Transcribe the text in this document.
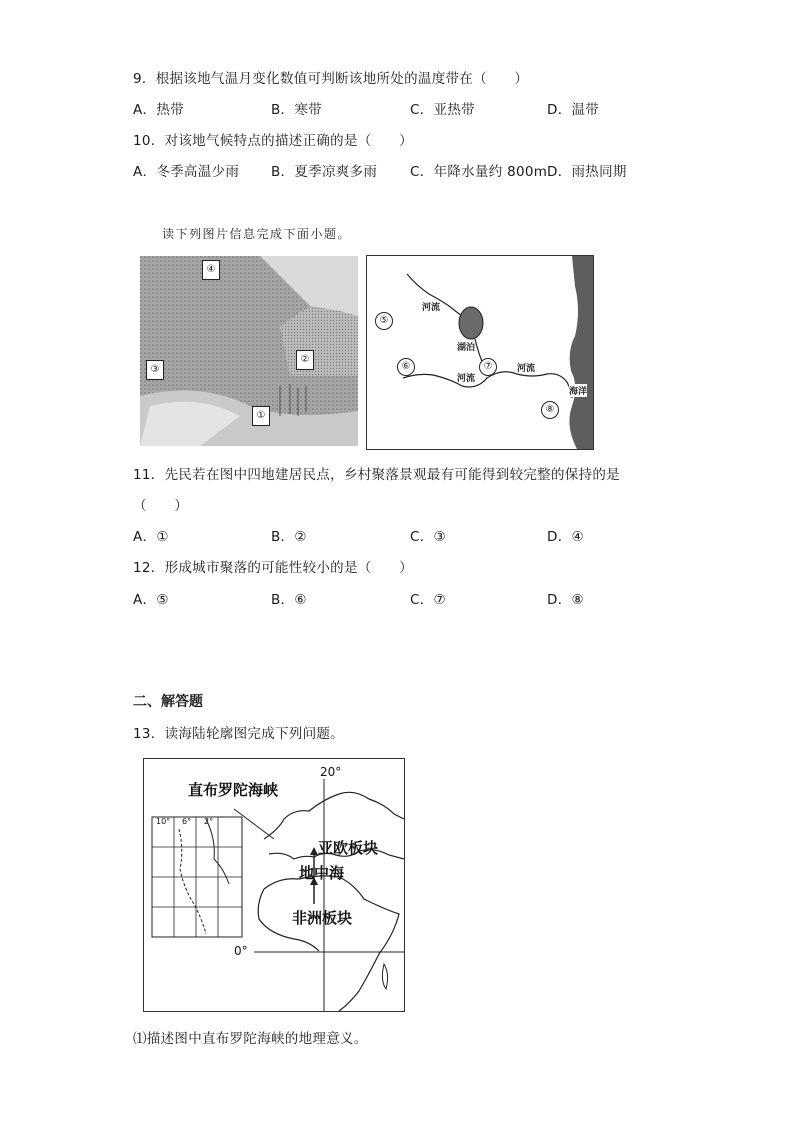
9．根据该地气温月变化数值可判断该地所处的温度带在（　　）
A．热带	B．寒带	C．亚热带	D．温带
10．对该地气候特点的描述正确的是（　　）
A．冬季高温少雨 B．夏季凉爽多雨 C．年降水量约 800m D．雨热同期
读下列图片信息完成下面小题。
④
②
③
①
河流
湖泊
河流
河流
海洋
⑤
⑥	⑦
⑧
11．先民若在图中四地建居民点，乡村聚落景观最有可能得到较完整的保持的是
（　　）
A．①	B．②	C．③	D．④
12．形成城市聚落的可能性较小的是（　　）
A．⑤	B．⑥	C．⑦	D．⑧
二、解答题
13．读海陆轮廓图完成下列问题。
直布罗陀海峡
亚欧板块
地中海
非洲板块
20°
0°
10° 6° 2°
⑴描述图中直布罗陀海峡的地理意义。
